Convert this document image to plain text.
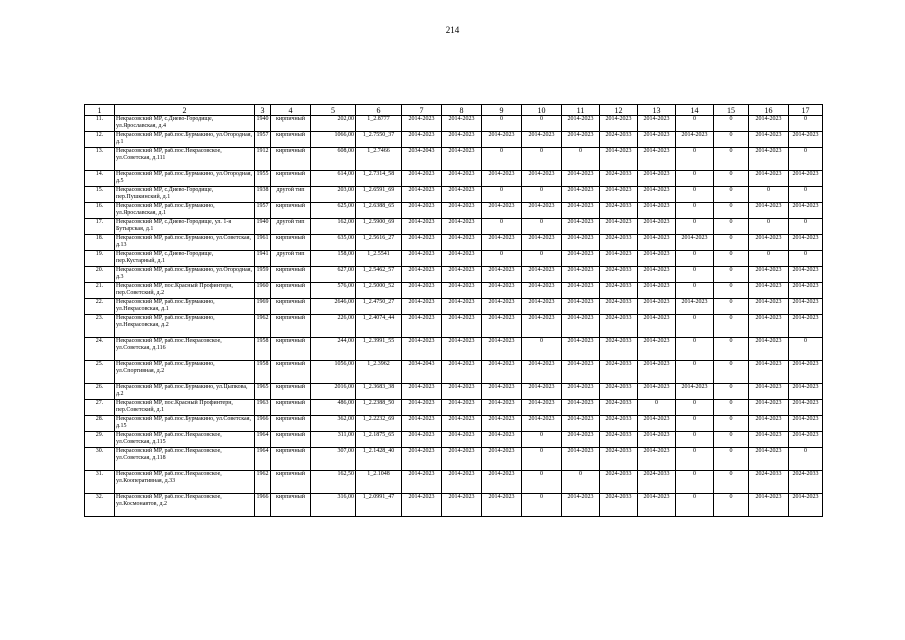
214
1	2	3	4	5	6	7	8	9	10	11	12	13	14	15	16	17
11.	Некрасовский МР, с.Диево-Городище, ул.Ярославская, д.4	1940	кирпичный	202,00	1_2.8777	2014-2023	2014-2023	0	0	2014-2023	2014-2023	2014-2023	0	0	2014-2023	0
12.	Некрасовский МР, раб.пос.Бурмакино, ул.Огородная, д.1	1957	кирпичный	1066,00	1_2.7550_37	2014-2023	2014-2023	2014-2023	2014-2023	2014-2023	2024-2033	2014-2023	2014-2023	0	2014-2023	2014-2023
13.	Некрасовский МР, раб.пос.Некрасовское, ул.Советская, д.111	1912	кирпичный	608,00	1_2.7466	2034-2043	2014-2023	0	0	0	2014-2023	2014-2023	0	0	2014-2023	0
14.	Некрасовский МР, раб.пос.Бурмакино, ул.Огородная, д.5	1955	кирпичный	614,00	1_2.7314_58	2014-2023	2014-2023	2014-2023	2014-2023	2014-2023	2024-2033	2014-2023	0	0	2014-2023	2014-2023
15.	Некрасовский МР, с.Диево-Городище, пер.Пушкинский, д.1	1938	другой тип	203,00	1_2.6591_69	2014-2023	2014-2023	0	0	2014-2023	2014-2023	2014-2023	0	0	0	0
16.	Некрасовский МР, раб.пос.Бурмакино, ул.Ярославская, д.1	1957	кирпичный	625,00	1_2.6388_65	2014-2023	2014-2023	2014-2023	2014-2023	2014-2023	2024-2033	2014-2023	0	0	2014-2023	2014-2023
17.	Некрасовский МР, с.Диево-Городище, ул. 1-я Бутырская, д.1	1940	другой тип	162,00	1_2.5900_69	2014-2023	2014-2023	0	0	2014-2023	2014-2023	2014-2023	0	0	0	0
18.	Некрасовский МР, раб.пос.Бурмакино, ул.Советская, д.13	1961	кирпичный	635,00	1_2.5616_27	2014-2023	2014-2023	2014-2023	2014-2023	2014-2023	2024-2033	2014-2023	2014-2023	0	2014-2023	2014-2023
19.	Некрасовский МР, с.Диево-Городище, пер.Кустарный, д.1	1941	другой тип	158,00	1_2.5541	2014-2023	2014-2023	0	0	2014-2023	2014-2023	2014-2023	0	0	0	0
20.	Некрасовский МР, раб.пос.Бурмакино, ул.Огородная, д.3	1959	кирпичный	627,00	1_2.5462_57	2014-2023	2014-2023	2014-2023	2014-2023	2014-2023	2024-2033	2014-2023	0	0	2014-2023	2014-2023
21.	Некрасовский МР, пос.Красный Профинтерн, пер.Советский, д.2	1960	кирпичный	576,00	1_2.5000_52	2014-2023	2014-2023	2014-2023	2014-2023	2014-2023	2024-2033	2014-2023	0	0	2014-2023	2014-2023
22.	Некрасовский МР, раб.пос.Бурмакино, ул.Некрасовская, д.1	1969	кирпичный	2646,00	1_2.4750_27	2014-2023	2014-2023	2014-2023	2014-2023	2014-2023	2024-2033	2014-2023	2014-2023	0	2014-2023	2014-2023
23.	Некрасовский МР, раб.пос.Бурмакино, ул.Некрасовская, д.2	1962	кирпичный	226,00	1_2.4074_44	2014-2023	2014-2023	2014-2023	2014-2023	2014-2023	2024-2033	2014-2023	0	0	2014-2023	2014-2023
24.	Некрасовский МР, раб.пос.Некрасовское, ул.Советская, д.116	1958	кирпичный	244,00	1_2.3991_55	2014-2023	2014-2023	2014-2023	0	2014-2023	2024-2033	2014-2023	0	0	2014-2023	0
25.	Некрасовский МР, раб.пос.Бурмакино, ул.Спортивная, д.2	1958	кирпичный	1056,00	1_2.3962	2034-2043	2014-2023	2014-2023	2014-2023	2014-2023	2024-2033	2014-2023	0	0	2014-2023	2014-2023
26.	Некрасовский МР, раб.пос.Бурмакино, ул.Цыпкова, д.2	1965	кирпичный	2016,00	1_2.3683_38	2014-2023	2014-2023	2014-2023	2014-2023	2014-2023	2024-2033	2014-2023	2014-2023	0	2014-2023	2014-2023
27.	Некрасовский МР, пос.Красный Профинтерн, пер.Советский, д.1	1963	кирпичный	486,00	1_2.2388_50	2014-2023	2014-2023	2014-2023	2014-2023	2014-2023	2024-2033	0	0	0	2014-2023	2014-2023
28.	Некрасовский МР, раб.пос.Бурмакино, ул.Советская, д.15	1966	кирпичный	362,00	1_2.2232_69	2014-2023	2014-2023	2014-2023	2014-2023	2014-2023	2024-2033	2014-2023	0	0	2014-2023	2014-2023
29.	Некрасовский МР, раб.пос.Некрасовское, ул.Советская, д.115	1964	кирпичный	311,00	1_2.1875_65	2014-2023	2014-2023	2014-2023	0	2014-2023	2024-2033	2014-2023	0	0	2014-2023	2014-2023
30.	Некрасовский МР, раб.пос.Некрасовское, ул.Советская, д.118	1964	кирпичный	307,00	1_2.1428_40	2014-2023	2014-2023	2014-2023	0	2014-2023	2024-2033	2014-2023	0	0	2014-2023	0
31.	Некрасовский МР, раб.пос.Некрасовское, ул.Кооперативная, д.33	1962	кирпичный	162,50	1_2.1048	2014-2023	2014-2023	2014-2023	0	0	2024-2033	2024-2033	0	0	2024-2033	2024-2033
32.	Некрасовский МР, раб.пос.Некрасовское, ул.Космонавтов, д.2	1966	кирпичный	316,00	1_2.0991_47	2014-2023	2014-2023	2014-2023	0	2014-2023	2024-2033	2014-2023	0	0	2014-2023	2014-2023
